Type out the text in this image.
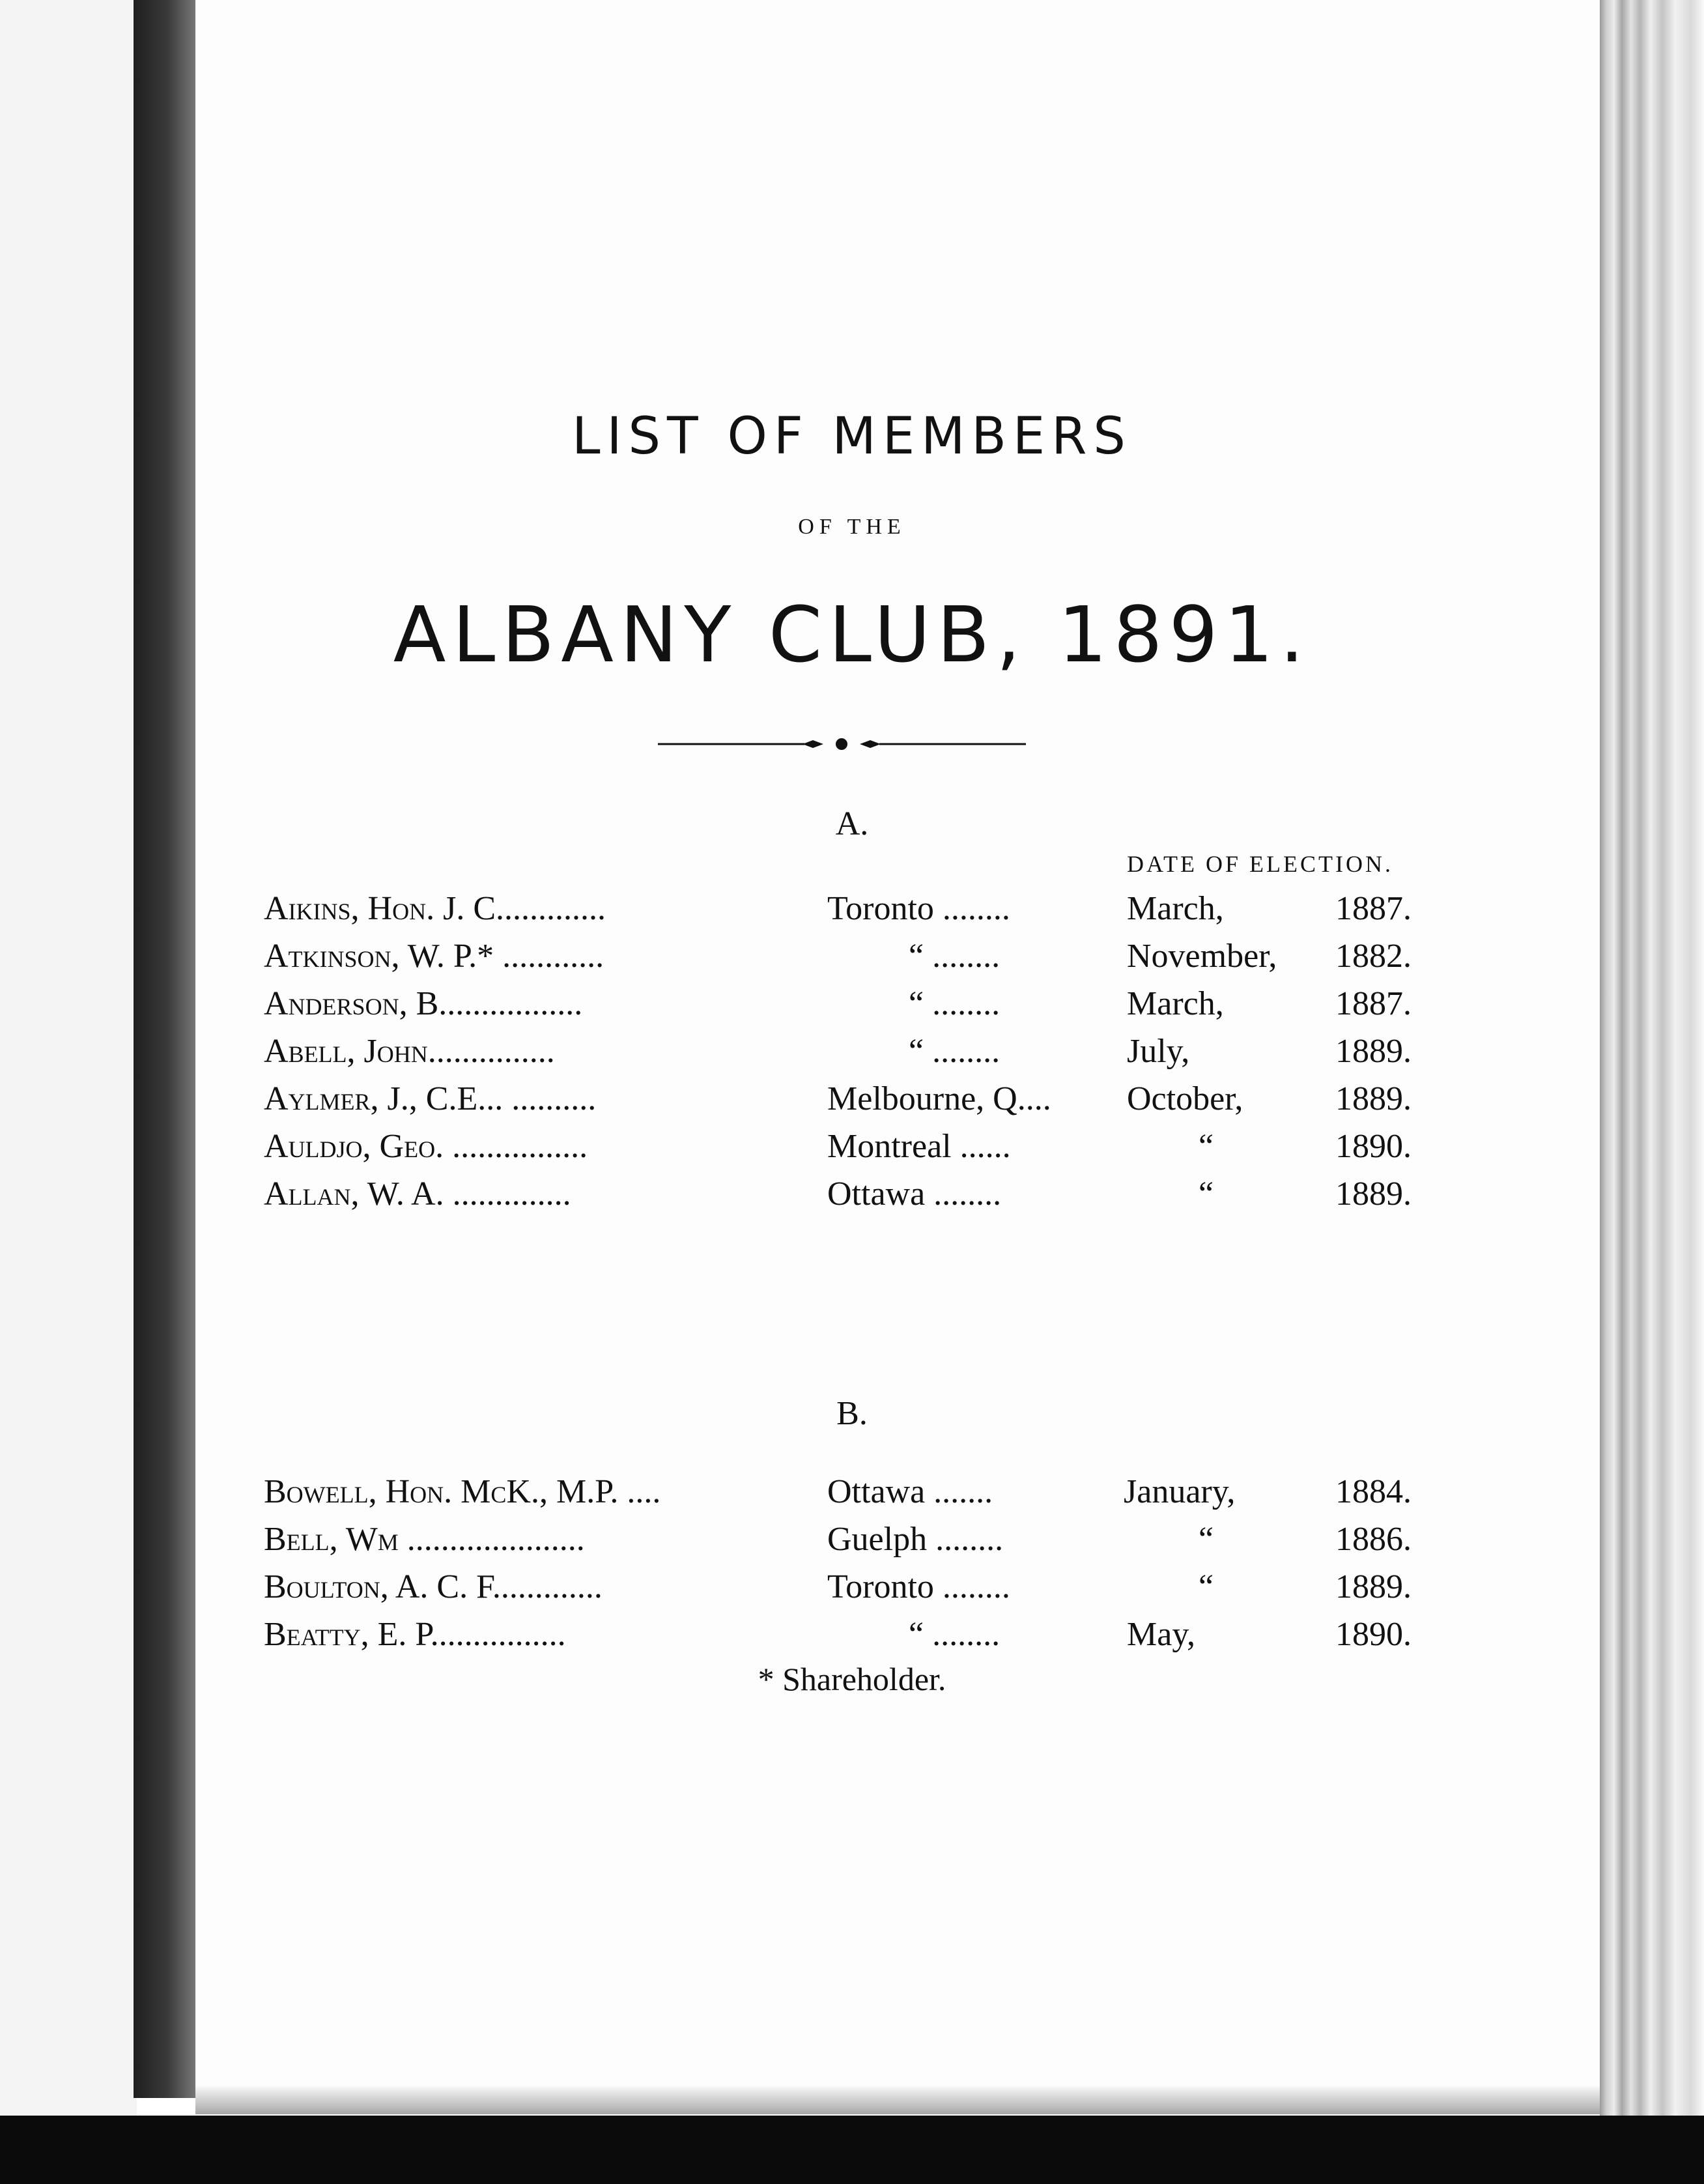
LIST OF MEMBERS
OF THE
ALBANY CLUB, 1891.
A.
DATE OF ELECTION.
Aikins, Hon. J. C.............	Toronto ........	March,	1887.
Atkinson, W. P.* ............	“ ........	November, 1882.
Anderson, B.................	“ ........	March,	1887.
Abell, John...............	“ ........	July,	1889.
Aylmer, J., C.E... ..........	Melbourne, Q.... October,	1889.
Auldjo, Geo. ................	Montreal ......	“	1890.
Allan, W. A. ..............	Ottawa ........	“	1889.
B.
Bowell, Hon. McK., M.P. ....	Ottawa .......	January,	1884.
Bell, Wm .....................	Guelph ........	“	1886.
Boulton, A. C. F.............	Toronto ........	“	1889.
Beatty, E. P................	“ ........	May,	1890.
* Shareholder.
